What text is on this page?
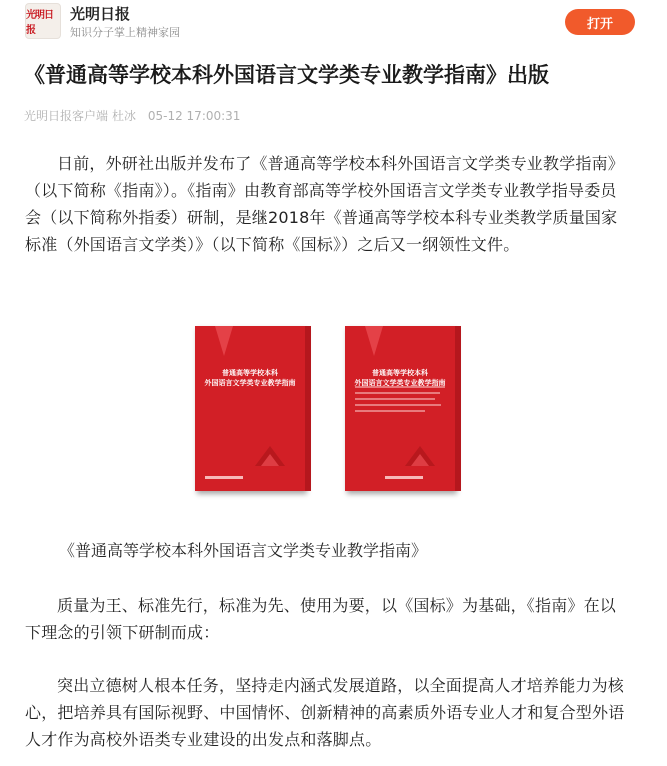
光明日报
光明日报
知识分子掌上精神家园
打开
《普通高等学校本科外国语言文学类专业教学指南》出版
光明日报客户端 杜冰 05-12 17:00:31
日前，外研社出版并发布了《普通高等学校本科外国语言文学类专业教学指南》（以下简称《指南》）。《指南》由教育部高等学校外国语言文学类专业教学指导委员会（以下简称外指委）研制，是继2018年《普通高等学校本科专业类教学质量国家标准（外国语言文学类）》（以下简称《国标》）之后又一纲领性文件。
普通高等学校本科
外国语言文学类专业教学指南
普通高等学校本科
外国语言文学类专业教学指南
《普通高等学校本科外国语言文学类专业教学指南》
质量为王、标准先行，标准为先、使用为要，以《国标》为基础，《指南》在以下理念的引领下研制而成：
突出立德树人根本任务，坚持走内涵式发展道路，以全面提高人才培养能力为核心，把培养具有国际视野、中国情怀、创新精神的高素质外语专业人才和复合型外语人才作为高校外语类专业建设的出发点和落脚点。
